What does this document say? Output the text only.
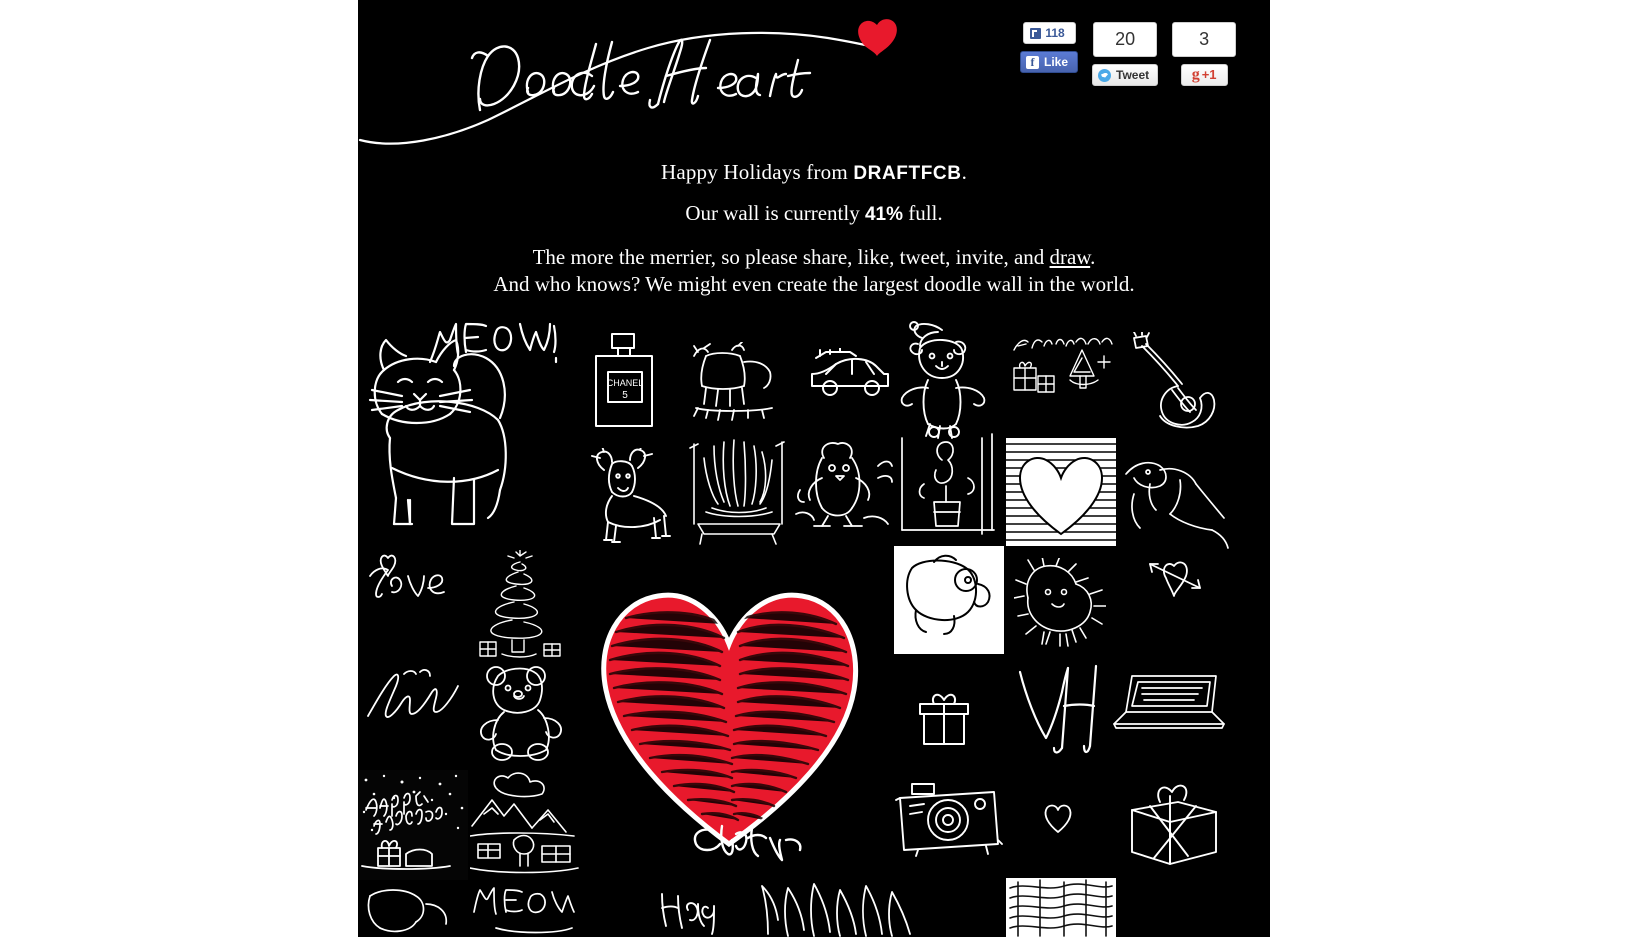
118
f Like
20
Tweet
3
g +1
Happy Holidays from DRAFTFCB.
Our wall is currently 41% full.
The more the merrier, so please share, like, tweet, invite, and draw.
And who knows? We might even create the largest doodle wall in the world.
CHANEL
5
